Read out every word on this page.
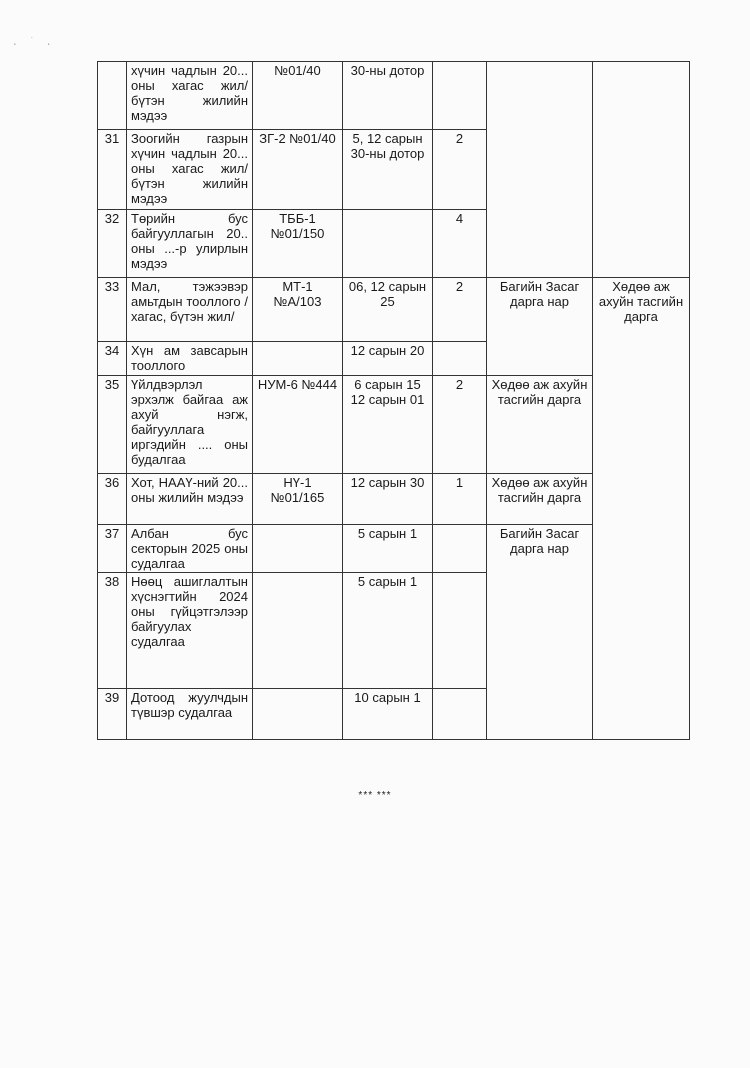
˛ ˙ ˛
	хүчин чадлын 20... оны хагас жил/ бүтэн жилийн мэдээ	№01/40	30-ны дотор			
31	Зоогийн газрын хүчин чадлын 20... оны хагас жил/ бүтэн жилийн мэдээ	ЗГ-2 №01/40	5, 12 сарын 30-ны дотор	2		
32	Төрийн бус байгууллагын 20.. оны ...-р улирлын мэдээ	ТББ-1 №01/150		4		
33	Мал, тэжээвэр амьтдын тооллого /хагас, бүтэн жил/	МТ-1 №А/103	06, 12 сарын 25	2	Багийн Засаг дарга нар	Хөдөө аж ахуйн тасгийн дарга
34	Хүн ам завсарын тооллого		12 сарын 20			
35	Үйлдвэрлэл эрхэлж байгаа аж ахуй нэгж, байгууллага иргэдийн .... оны будалгаа	НУМ-6 №444	6 сарын 15 12 сарын 01	2	Хөдөө аж ахуйн тасгийн дарга	
36	Хот, НААҮ-ний 20... оны жилийн мэдээ	НҮ-1 №01/165	12 сарын 30	1	Хөдөө аж ахуйн тасгийн дарга	
37	Албан бус секторын 2025 оны судалгаа		5 сарын 1		Багийн Засаг дарга нар	
38	Нөөц ашиглалтын хүснэгтийн 2024 оны гүйцэтгэлээр байгуулах судалгаа		5 сарын 1			
39	Дотоод жуулчдын түвшэр судалгаа		10 сарын 1			
*** ***
